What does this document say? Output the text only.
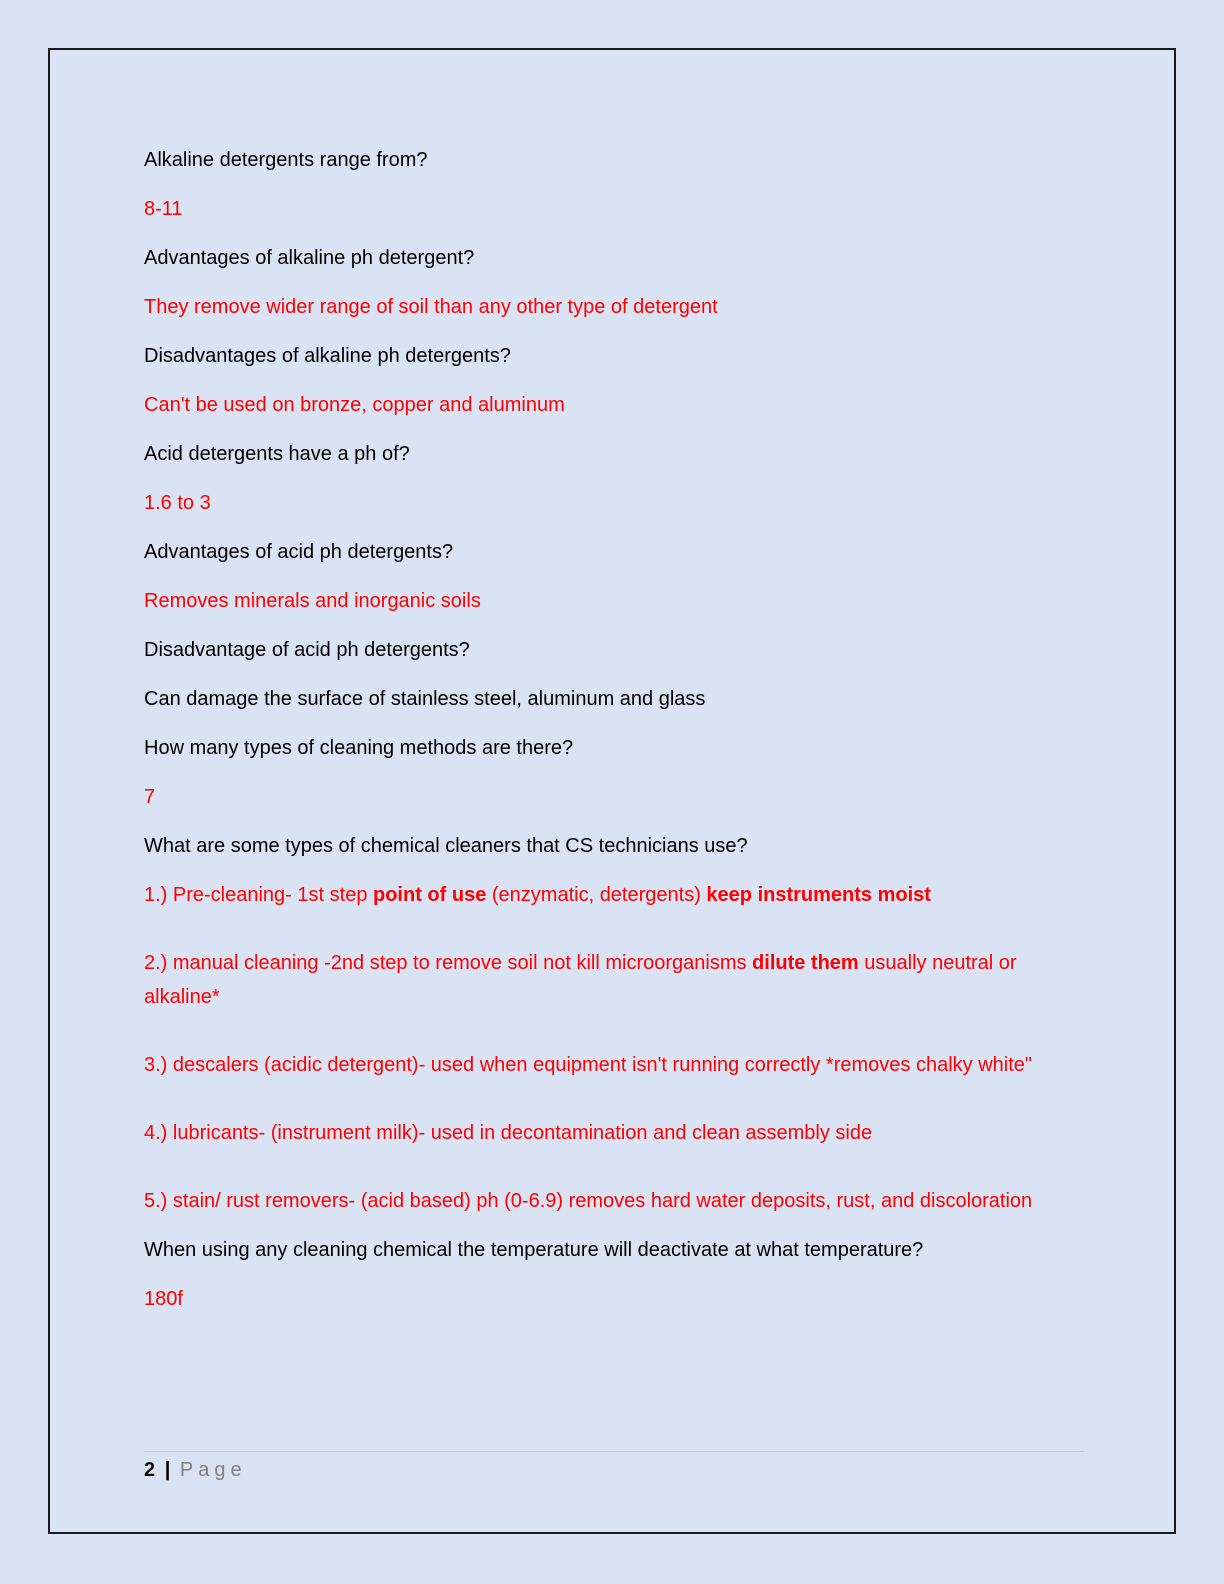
Alkaline detergents range from?

8-11

Advantages of alkaline ph detergent?

They remove wider range of soil than any other type of detergent

Disadvantages of alkaline ph detergents?

Can't be used on bronze, copper and aluminum

Acid detergents have a ph of?

1.6 to 3

Advantages of acid ph detergents?

Removes minerals and inorganic soils

Disadvantage of acid ph detergents?

Can damage the surface of stainless steel, aluminum and glass

How many types of cleaning methods are there?

7

What are some types of chemical cleaners that CS technicians use?

1.) Pre-cleaning- 1st step point of use (enzymatic, detergents) keep instruments moist

2.) manual cleaning -2nd step to remove soil not kill microorganisms dilute them usually neutral or alkaline*

3.) descalers (acidic detergent)- used when equipment isn't running correctly *removes chalky white"

4.) lubricants- (instrument milk)- used in decontamination and clean assembly side

5.) stain/ rust removers- (acid based) ph (0-6.9) removes hard water deposits, rust, and discoloration

When using any cleaning chemical the temperature will deactivate at what temperature?

180f

2 | Page
